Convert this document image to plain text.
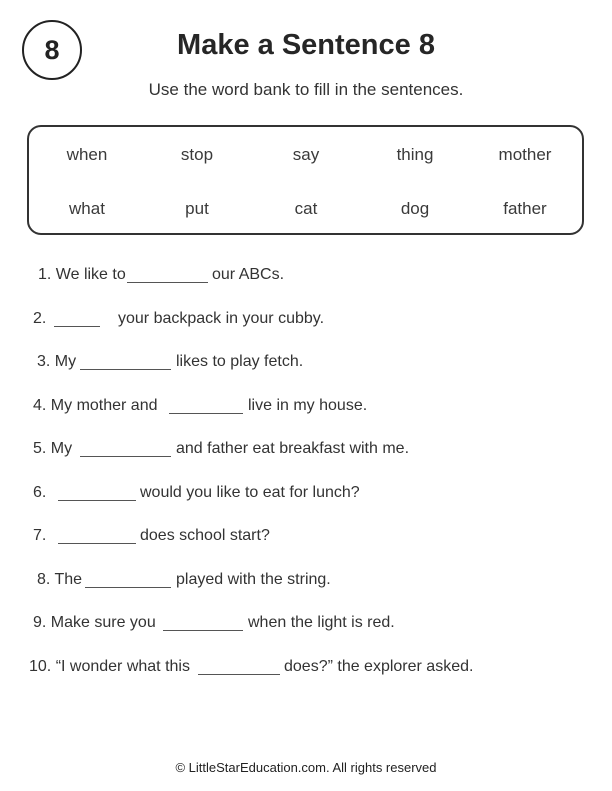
8	Make a Sentence 8
Use the word bank to fill in the sentences.
when	stop	say	thing	mother
what	put	cat	dog	father
1. We like to	our ABCs.
2.	your backpack in your cubby.
3. My	likes to play fetch.
4. My mother and	live in my house.
5. My	and father eat breakfast with me.
6.	would you like to eat for lunch?
7.	does school start?
8. The	played with the string.
9. Make sure you	when the light is red.
10. “I wonder what this	does?” the explorer asked.
© LittleStarEducation.com. All rights reserved
